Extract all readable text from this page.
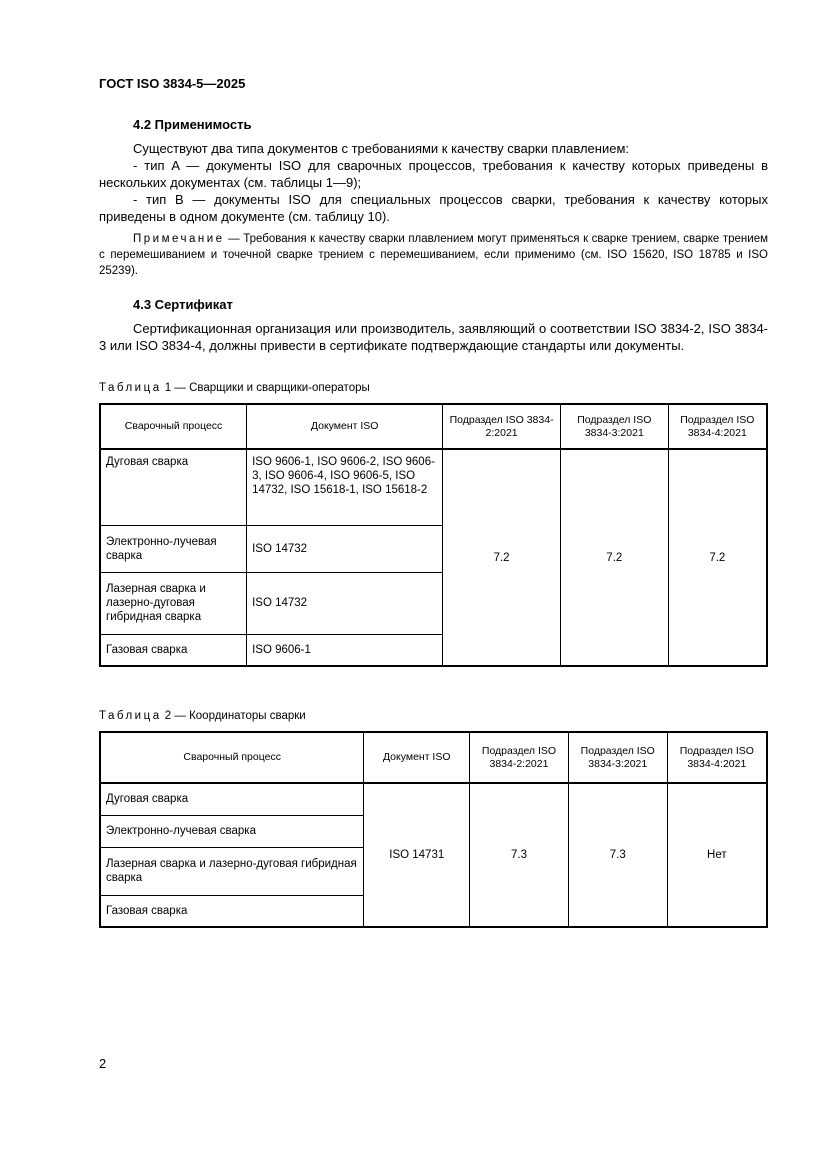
ГОСТ ISO 3834-5—2025
4.2 Применимость

Существуют два типа документов с требованиями к качеству сварки плавлением:

- тип A — документы ISO для сварочных процессов, требования к качеству которых приведены в нескольких документах (см. таблицы 1—9);

- тип B — документы ISO для специальных процессов сварки, требования к качеству которых приведены в одном документе (см. таблицу 10).

Примечание — Требования к качеству сварки плавлением могут применяться к сварке трением, сварке трением с перемешиванием и точечной сварке трением с перемешиванием, если применимо (см. ISO 15620, ISO 18785 и ISO 25239).
4.3 Сертификат

Сертификационная организация или производитель, заявляющий о соответствии ISO 3834-2, ISO 3834-3 или ISO 3834-4, должны привести в сертификате подтверждающие стандарты или документы.

Таблица 1 — Сварщики и сварщики-операторы
Сварочный процесс	Документ ISO	Подраздел ISO 3834-2:2021	Подраздел ISO 3834-3:2021	Подраздел ISO 3834-4:2021
Дуговая сварка	ISO 9606-1, ISO 9606-2, ISO 9606-3, ISO 9606-4, ISO 9606-5, ISO 14732, ISO 15618-1, ISO 15618-2	7.2	7.2	7.2
Электронно-лучевая сварка	ISO 14732			
Лазерная сварка и лазерно-дуговая гибридная сварка	ISO 14732			
Газовая сварка	ISO 9606-1			
Таблица 2 — Координаторы сварки
Сварочный процесс	Документ ISO	Подраздел ISO 3834-2:2021	Подраздел ISO 3834-3:2021	Подраздел ISO 3834-4:2021
Дуговая сварка	ISO 14731	7.3	7.3	Нет
Электронно-лучевая сварка				
Лазерная сварка и лазерно-дуговая гибридная сварка				
Газовая сварка				
2
